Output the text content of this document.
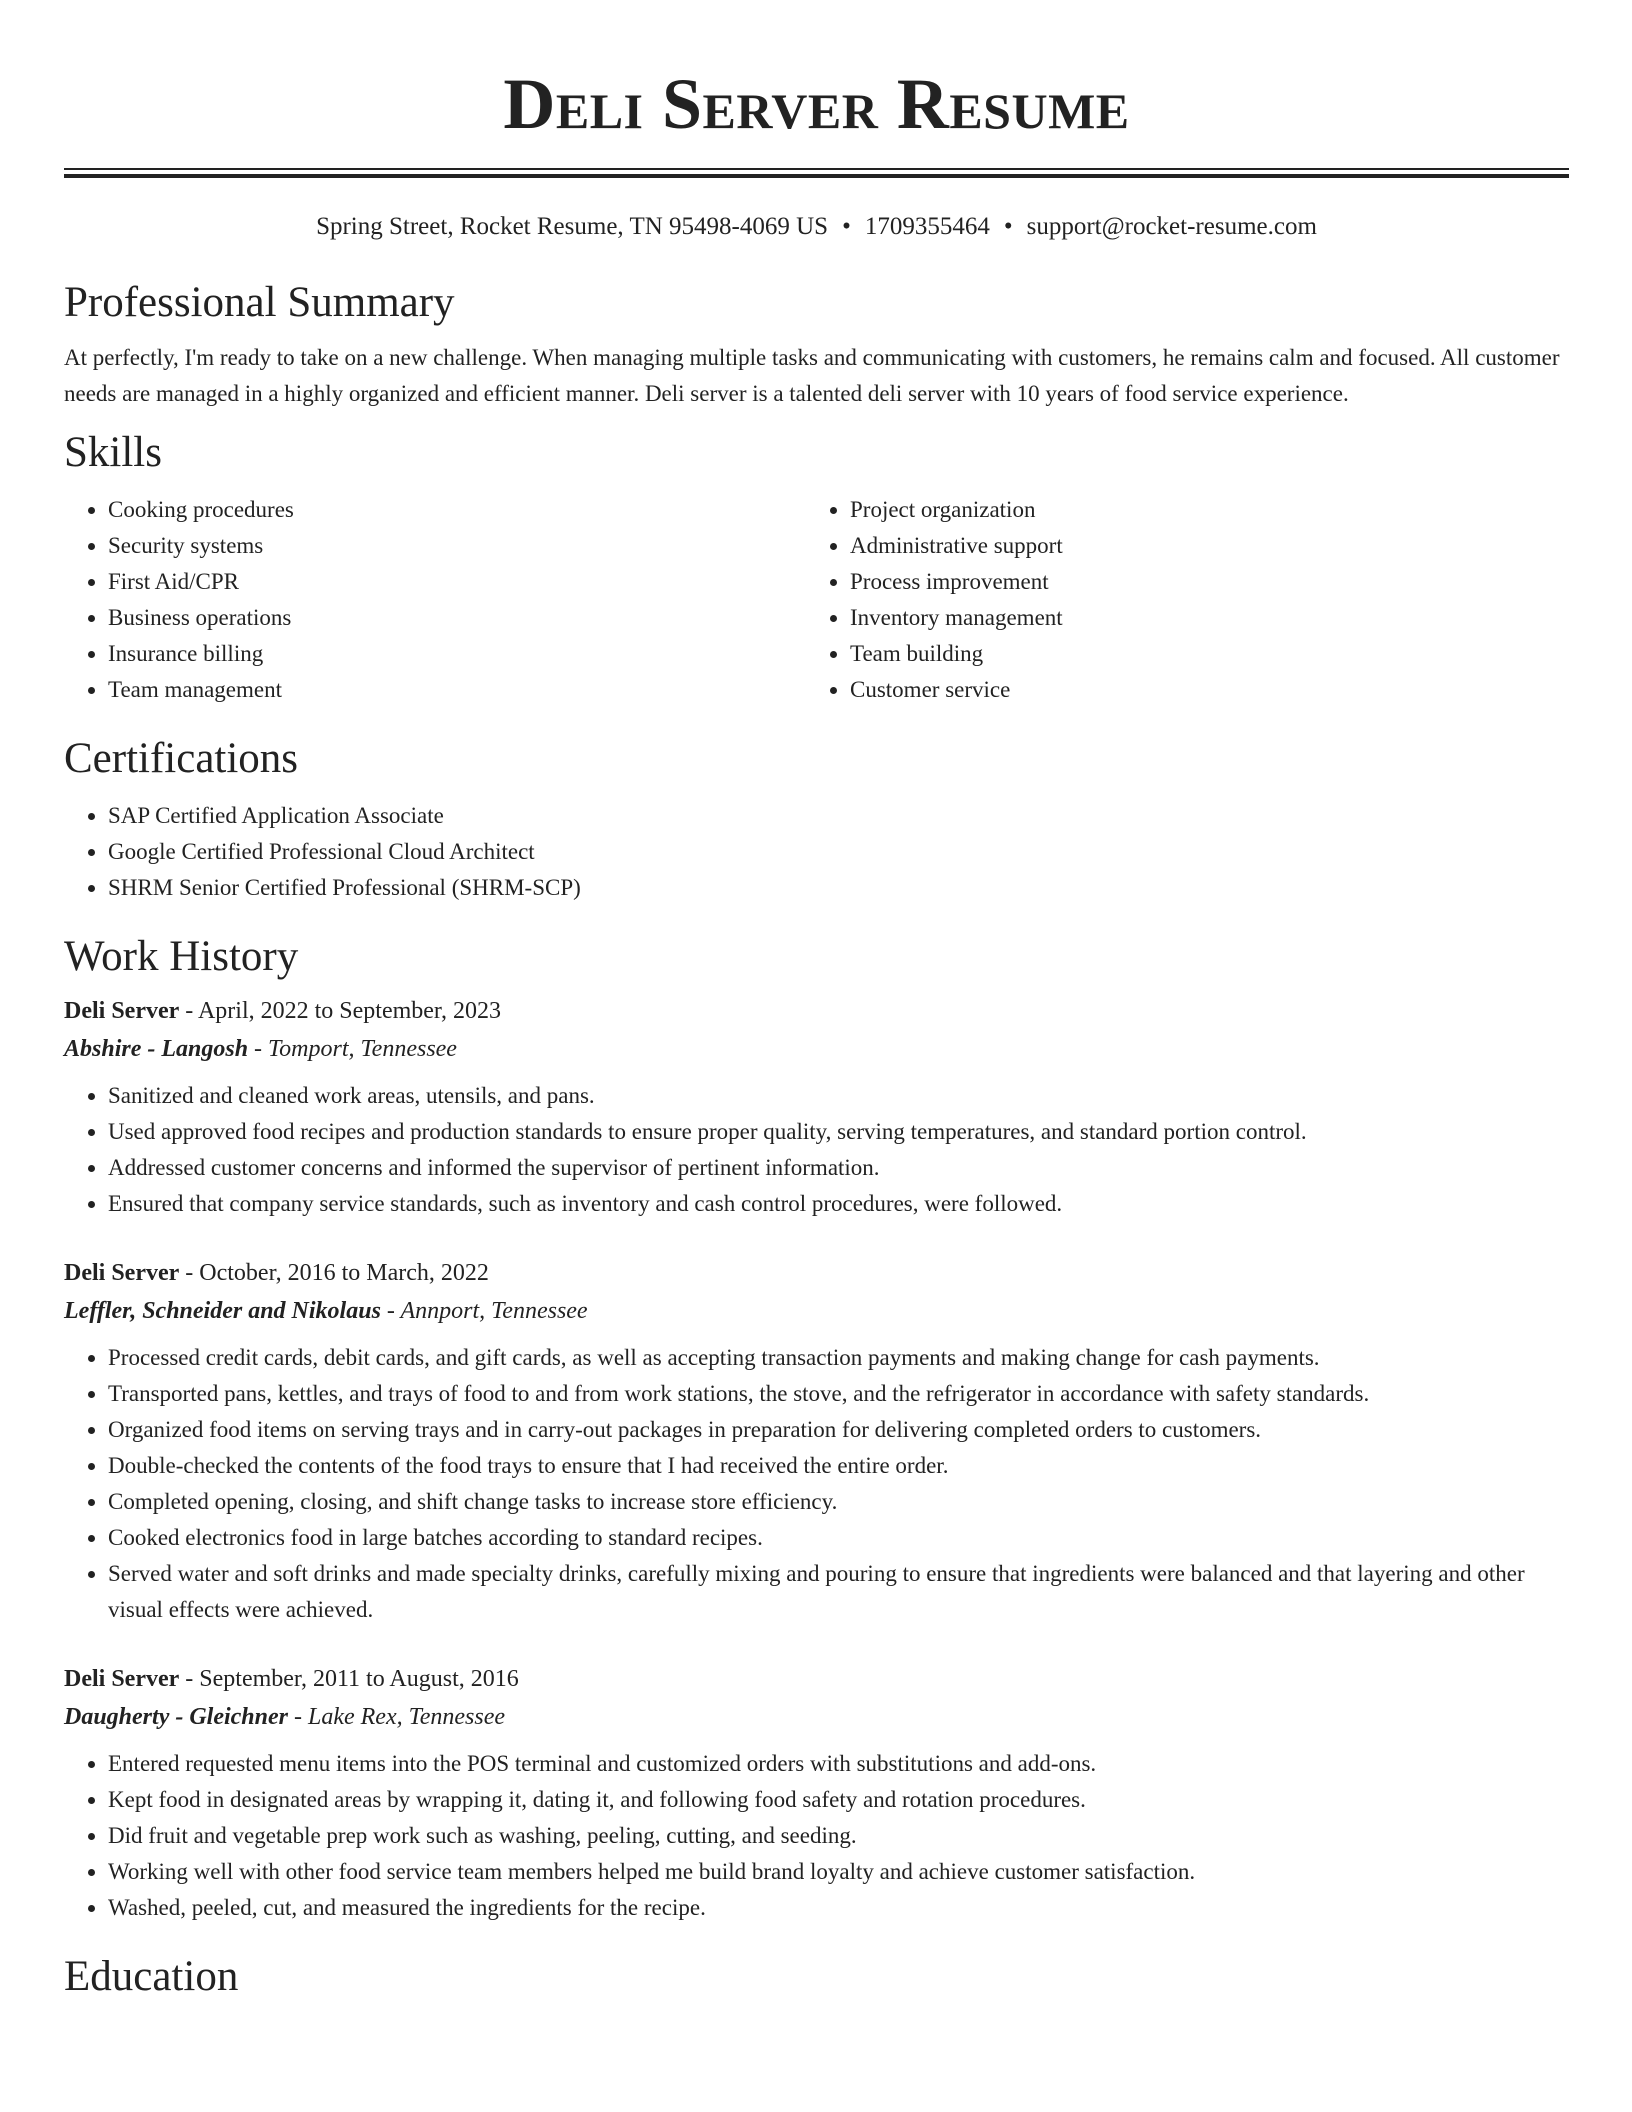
Deli Server Resume
Spring Street, Rocket Resume, TN 95498-4069 US • 1709355464 • support@rocket-resume.com
Professional Summary

At perfectly, I'm ready to take on a new challenge. When managing multiple tasks and communicating with customers, he remains calm and focused. All customer needs are managed in a highly organized and efficient manner. Deli server is a talented deli server with 10 years of food service experience.

Skills
• Cooking procedures
• Security systems
• First Aid/CPR
• Business operations
• Insurance billing
• Team management
• Project organization
• Administrative support
• Process improvement
• Inventory management
• Team building
• Customer service
Certifications
• SAP Certified Application Associate
• Google Certified Professional Cloud Architect
• SHRM Senior Certified Professional (SHRM-SCP)
Work History
Deli Server - April, 2022 to September, 2023
Abshire - Langosh - Tomport, Tennessee
• Sanitized and cleaned work areas, utensils, and pans.
• Used approved food recipes and production standards to ensure proper quality, serving temperatures, and standard portion control.
• Addressed customer concerns and informed the supervisor of pertinent information.
• Ensured that company service standards, such as inventory and cash control procedures, were followed.
Deli Server - October, 2016 to March, 2022
Leffler, Schneider and Nikolaus - Annport, Tennessee
• Processed credit cards, debit cards, and gift cards, as well as accepting transaction payments and making change for cash payments.
• Transported pans, kettles, and trays of food to and from work stations, the stove, and the refrigerator in accordance with safety standards.
• Organized food items on serving trays and in carry-out packages in preparation for delivering completed orders to customers.
• Double-checked the contents of the food trays to ensure that I had received the entire order.
• Completed opening, closing, and shift change tasks to increase store efficiency.
• Cooked electronics food in large batches according to standard recipes.
• Served water and soft drinks and made specialty drinks, carefully mixing and pouring to ensure that ingredients were balanced and that layering and other visual effects were achieved.
Deli Server - September, 2011 to August, 2016
Daugherty - Gleichner - Lake Rex, Tennessee
• Entered requested menu items into the POS terminal and customized orders with substitutions and add-ons.
• Kept food in designated areas by wrapping it, dating it, and following food safety and rotation procedures.
• Did fruit and vegetable prep work such as washing, peeling, cutting, and seeding.
• Working well with other food service team members helped me build brand loyalty and achieve customer satisfaction.
• Washed, peeled, cut, and measured the ingredients for the recipe.
Education
